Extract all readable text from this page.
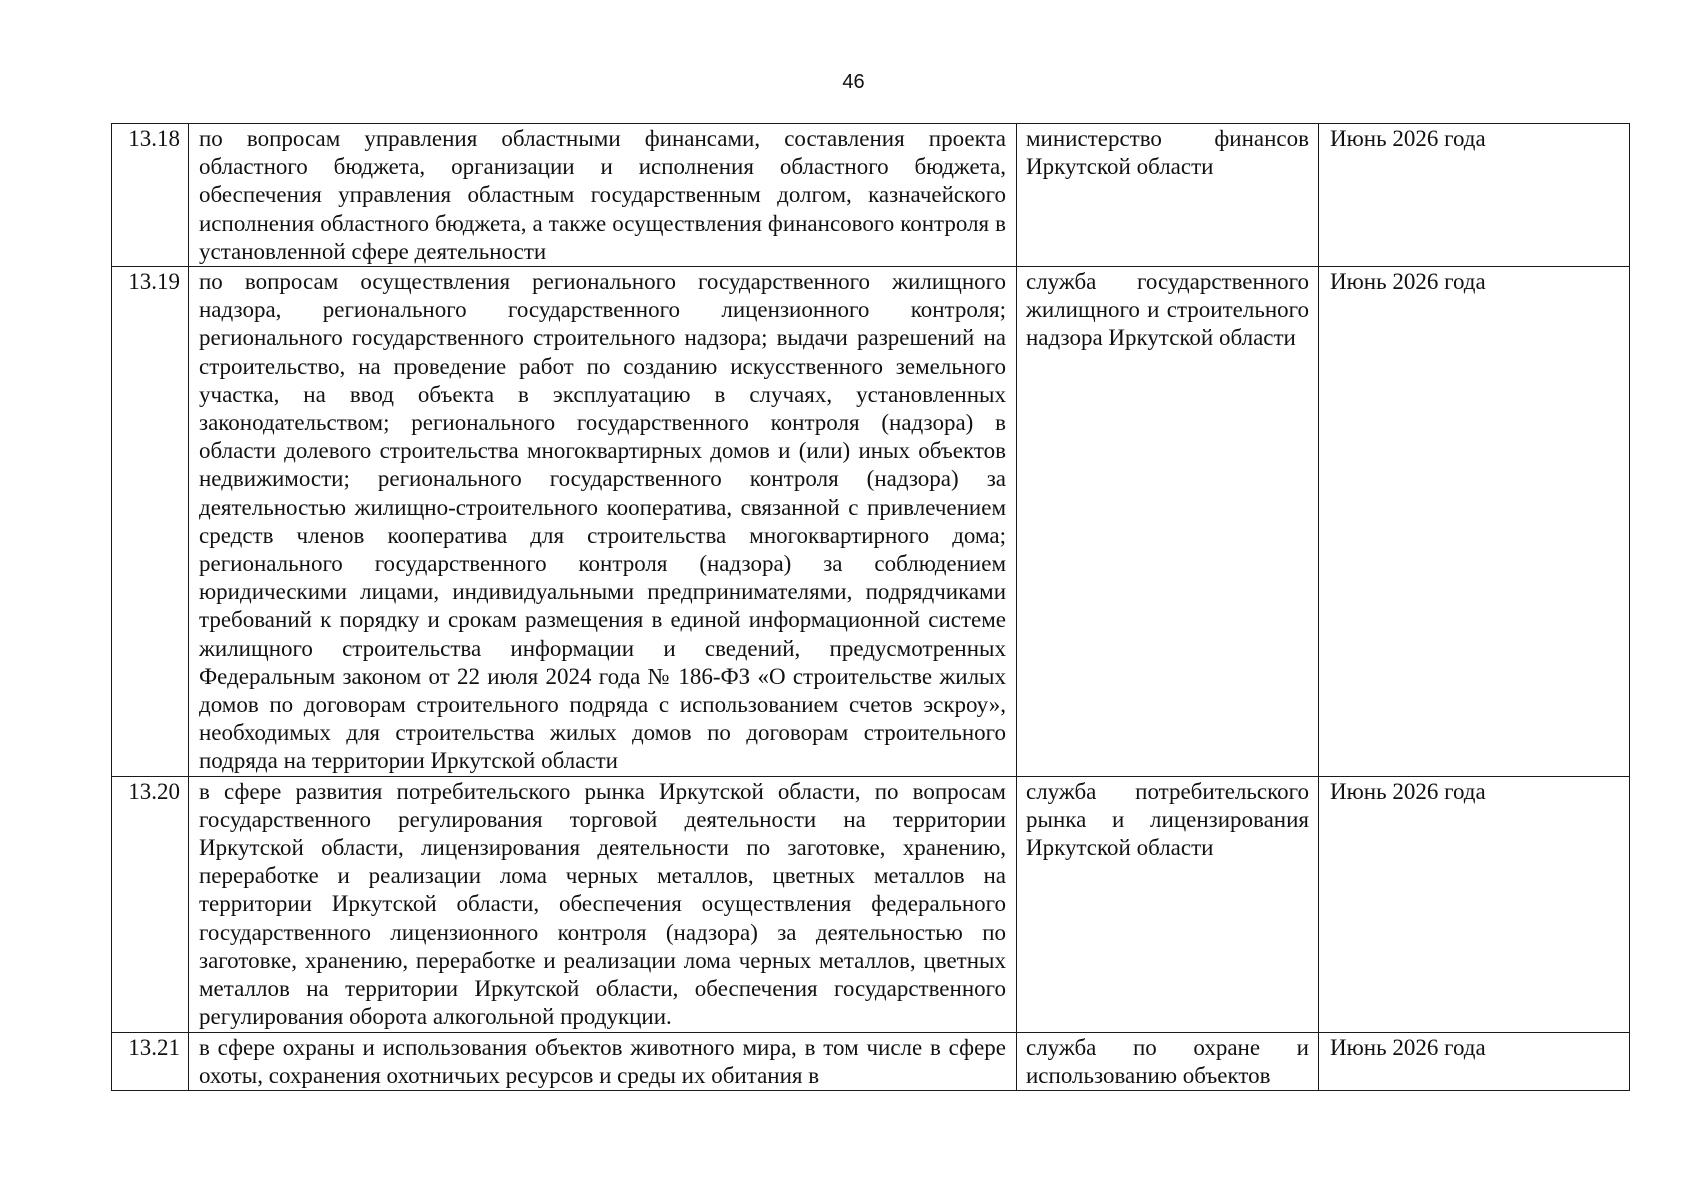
46
13.18	по вопросам управления областными финансами, составления проекта областного бюджета, организации и исполнения областного бюджета, обеспечения управления областным государственным долгом, казначейского исполнения областного бюджета, а также осуществления финансового контроля в установленной сфере деятельности	министерство финансов Иркутской области	Июнь 2026 года
13.19	по вопросам осуществления регионального государственного жилищного надзора, регионального государственного лицензионного контроля; регионального государственного строительного надзора; выдачи разрешений на строительство, на проведение работ по созданию искусственного земельного участка, на ввод объекта в эксплуатацию в случаях, установленных законодательством; регионального государственного контроля (надзора) в области долевого строительства многоквартирных домов и (или) иных объектов недвижимости; регионального государственного контроля (надзора) за деятельностью жилищно-строительного кооператива, связанной с привлечением средств членов кооператива для строительства многоквартирного дома; регионального государственного контроля (надзора) за соблюдением юридическими лицами, индивидуальными предпринимателями, подрядчиками требований к порядку и срокам размещения в единой информационной системе жилищного строительства информации и сведений, предусмотренных Федеральным законом от 22 июля 2024 года № 186-ФЗ «О строительстве жилых домов по договорам строительного подряда с использованием счетов эскроу», необходимых для строительства жилых домов по договорам строительного подряда на территории Иркутской области	служба государственного жилищного и строительного надзора Иркутской области	Июнь 2026 года
13.20	в сфере развития потребительского рынка Иркутской области, по вопросам государственного регулирования торговой деятельности на территории Иркутской области, лицензирования деятельности по заготовке, хранению, переработке и реализации лома черных металлов, цветных металлов на территории Иркутской области, обеспечения осуществления федерального государственного лицензионного контроля (надзора) за деятельностью по заготовке, хранению, переработке и реализации лома черных металлов, цветных металлов на территории Иркутской области, обеспечения государственного регулирования оборота алкогольной продукции.	служба потребительского рынка и лицензирования Иркутской области	Июнь 2026 года

13.21	в сфере охраны и использования объектов животного мира, в том числе в сфере охоты, сохранения охотничьих ресурсов и среды их обитания в	служба по охране и использованию объектов	Июнь 2026 года
